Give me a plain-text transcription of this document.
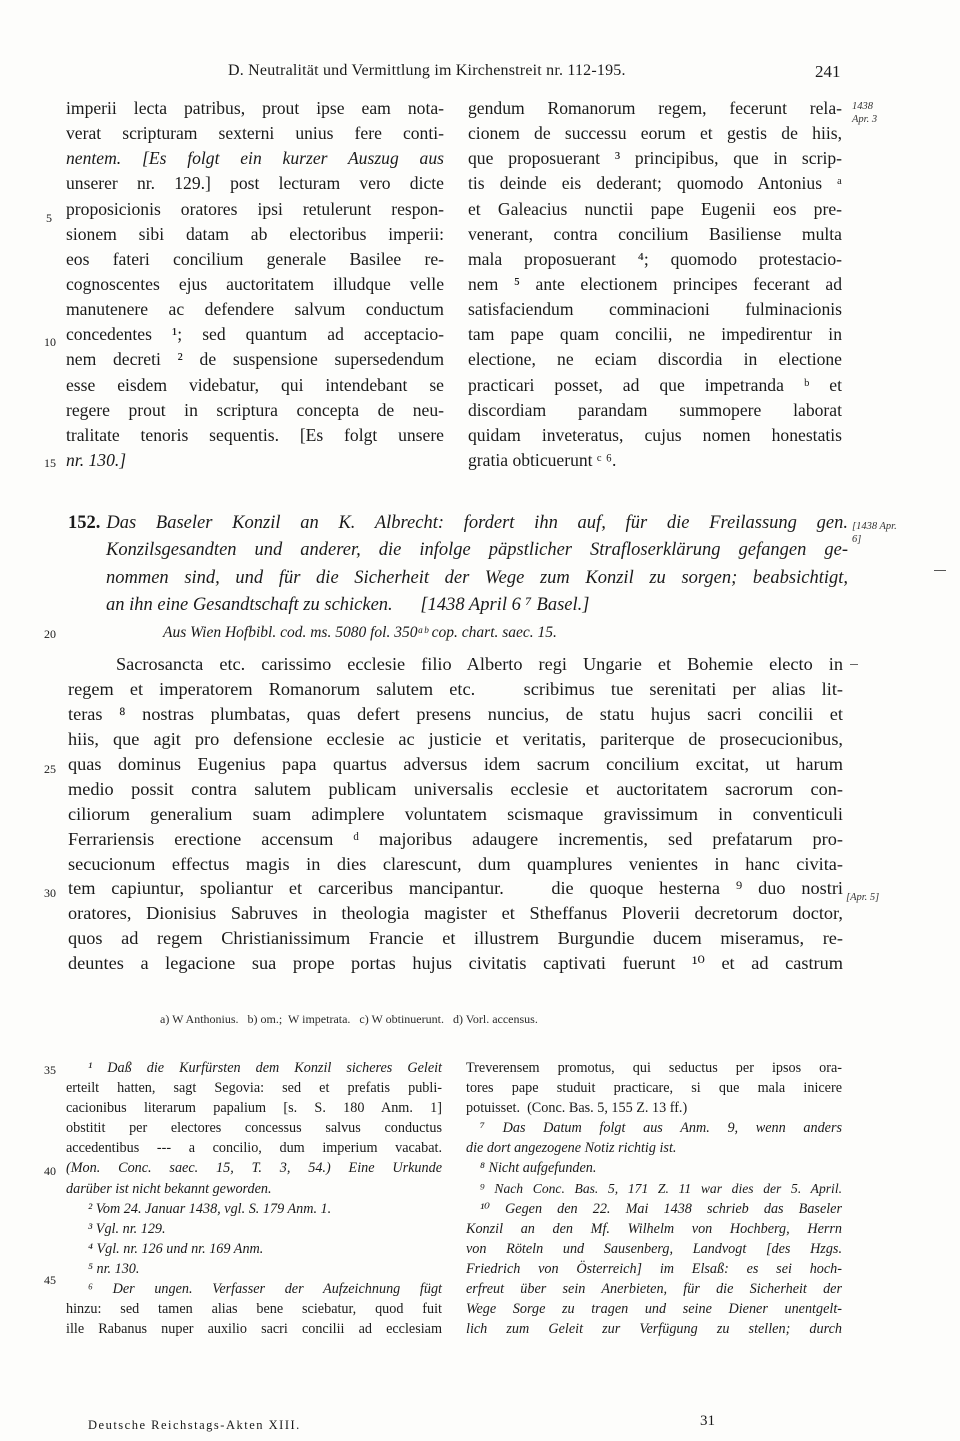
D. Neutralität und Vermittlung im Kirchenstreit nr. 112-195.	241
imperii lecta patribus, prout ipse eam nota-
verat scripturam sexterni unius fere conti-
nentem. [Es folgt ein kurzer Auszug aus
unserer nr. 129.] post lecturam vero dicte
proposicionis oratores ipsi retulerunt respon-
sionem sibi datam ab electoribus imperii:
eos fateri concilium generale Basilee re-
cognoscentes ejus auctoritatem illudque velle
manutenere ac defendere salvum conductum
concedentes ¹; sed quantum ad acceptacio-
nem decreti ² de suspensione supersedendum
esse eisdem videbatur, qui intendebant se
regere prout in scriptura concepta de neu-
tralitate tenoris sequentis. [Es folgt unsere
nr. 130.]
gendum Romanorum regem, fecerunt rela-
cionem de successu eorum et gestis de hiis,
que proposuerant ³ principibus, que in scrip-
tis deinde eis dederant; quomodo Antonius ᵃ
et Galeacius nunctii pape Eugenii eos pre-
venerant, contra concilium Basiliense multa
mala proposuerant ⁴; quomodo protestacio-
nem ⁵ ante electionem principes fecerant ad
satisfaciendum comminacioni fulminacionis
tam pape quam concilii, ne impedirentur in
electione, ne eciam discordia in electione
practicari posset, ad que impetranda ᵇ et
discordiam parandam summopere laborat
quidam inveteratus, cujus nomen honestatis
gratia obticuerunt ᶜ ⁶.
1438 Apr. 3
[1438 Apr. 6]
[Apr. 5]
5
10
15
20
25
30
35
40
45
152. Das Baseler Konzil an K. Albrecht: fordert ihn auf, für die Freilassung gen.
Konzilsgesandten und anderer, die infolge päpstlicher Strafloserklärung gefangen ge-
nommen sind, und für die Sicherheit der Wege zum Konzil zu sorgen; beabsichtigt,
an ihn eine Gesandtschaft zu schicken.      [1438 April 6 ⁷ Basel.]
Aus Wien Hofbibl. cod. ms. 5080 fol. 350ᵃᵇ cop. chart. saec. 15.
Sacrosancta etc. carissimo ecclesie filio Alberto regi Ungarie et Bohemie electo in
regem et imperatorem Romanorum salutem etc.   scribimus tue serenitati per alias lit-
teras ⁸ nostras plumbatas, quas defert presens nuncius, de statu hujus sacri concilii et
hiis, que agit pro defensione ecclesie ac justicie et veritatis, pariterque de prosecucionibus,
quas dominus Eugenius papa quartus adversus idem sacrum concilium excitat, ut harum
medio possit contra salutem publicam universalis ecclesie et auctoritatem sacrorum con-
ciliorum generalium suam adimplere voluntatem scismaque gravissimum in conventiculi
Ferrariensis erectione accensum ᵈ majoribus adaugere incrementis, sed prefatarum pro-
secucionum effectus magis in dies clarescunt, dum quamplures venientes in hanc civita-
tem capiuntur, spoliantur et carceribus mancipantur.   die quoque hesterna ⁹ duo nostri
oratores, Dionisius Sabruves in theologia magister et Stheffanus Ploverii decretorum doctor,
quos ad regem Christianissimum Francie et illustrem Burgundie ducem miseramus, re-
deuntes a legacione sua prope portas hujus civitatis captivati fuerunt ¹⁰ et ad castrum
a) W Anthonius.   b) om.;  W impetrata.   c) W obtinuerunt.   d) Vorl. accensus.
¹ Daß die Kurfürsten dem Konzil sicheres Geleit
erteilt hatten, sagt Segovia: sed et prefatis publi-
cacionibus literarum papalium [s. S. 180 Anm. 1]
obstitit per electores concessus salvus conductus
accedentibus --- a concilio, dum imperium vacabat.
(Mon. Conc. saec. 15, T. 3, 54.) Eine Urkunde
darüber ist nicht bekannt geworden.
² Vom 24. Januar 1438, vgl. S. 179 Anm. 1.
³ Vgl. nr. 129.
⁴ Vgl. nr. 126 und nr. 169 Anm.
⁵ nr. 130.
⁶ Der ungen. Verfasser der Aufzeichnung fügt
hinzu: sed tamen alias bene sciebatur, quod fuit
ille Rabanus nuper auxilio sacri concilii ad ecclesiam
Treverensem promotus, qui seductus per ipsos ora-
tores pape studuit practicare, si que mala inicere
potuisset.  (Conc. Bas. 5, 155 Z. 13 ff.)
⁷ Das Datum folgt aus Anm. 9, wenn anders
die dort angezogene Notiz richtig ist.
⁸ Nicht aufgefunden.
⁹ Nach Conc. Bas. 5, 171 Z. 11 war dies der 5. April.
¹⁰ Gegen den 22. Mai 1438 schrieb das Baseler
Konzil an den Mf. Wilhelm von Hochberg, Herrn
von Röteln und Sausenberg, Landvogt [des Hzgs.
Friedrich von Österreich] im Elsaß: es sei hoch-
erfreut über sein Anerbieten, für die Sicherheit der
Wege Sorge zu tragen und seine Diener unentgelt-
lich zum Geleit zur Verfügung zu stellen; durch
Deutsche Reichstags-Akten XIII.	31
